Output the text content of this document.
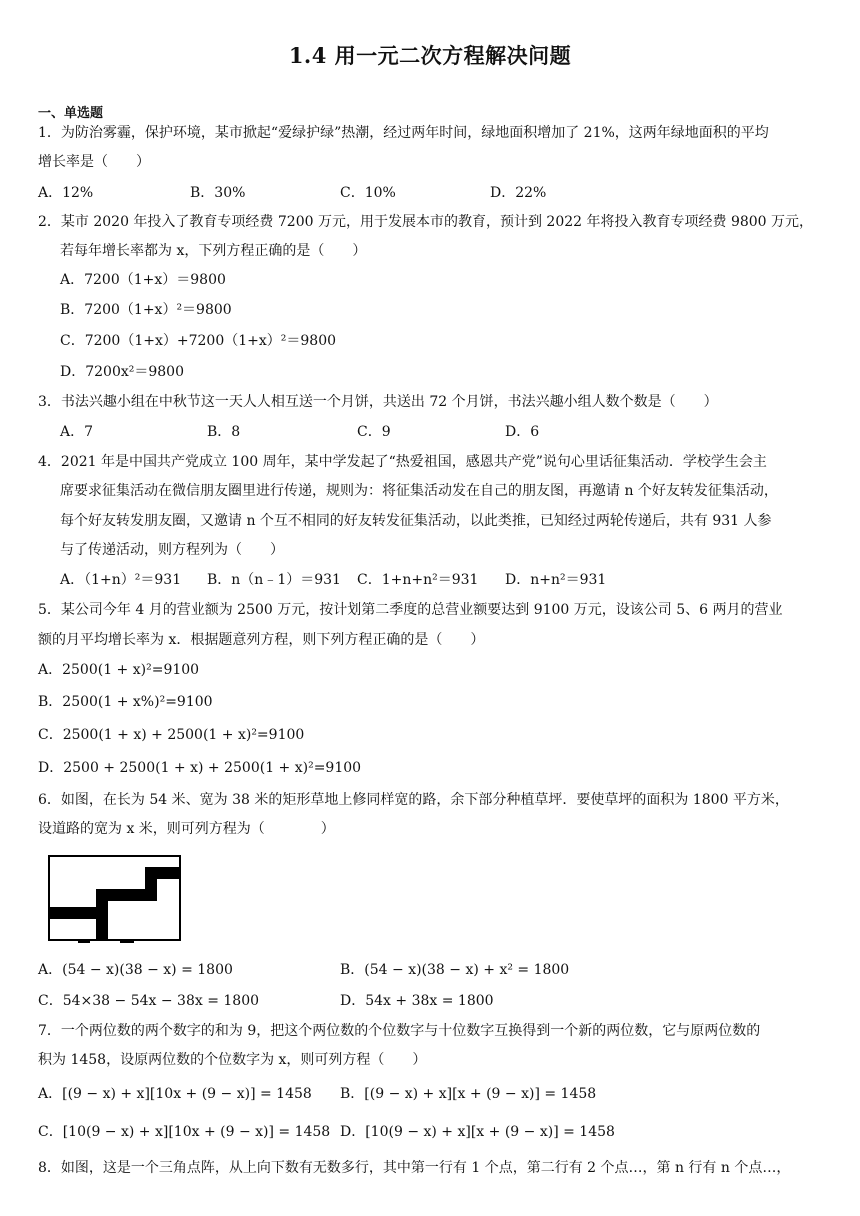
1.4 用一元二次方程解决问题
一、单选题
1．为防治雾霾，保护环境，某市掀起“爱绿护绿”热潮，经过两年时间，绿地面积增加了 21%，这两年绿地面积的平均
增长率是（　　）
A．12%	B．30%	C．10%	D．22%
2．某市 2020 年投入了教育专项经费 7200 万元，用于发展本市的教育，预计到 2022 年将投入教育专项经费 9800 万元，
若每年增长率都为 x，下列方程正确的是（　　）
A．7200（1+x）＝9800
B．7200（1+x）²＝9800
C．7200（1+x）+7200（1+x）²＝9800
D．7200x²＝9800
3．书法兴趣小组在中秋节这一天人人相互送一个月饼，共送出 72 个月饼，书法兴趣小组人数个数是（　　）
A．7	B．8	C．9	D．6
4．2021 年是中国共产党成立 100 周年，某中学发起了“热爱祖国，感恩共产党”说句心里话征集活动．学校学生会主
席要求征集活动在微信朋友圈里进行传递，规则为：将征集活动发在自己的朋友图，再邀请 n 个好友转发征集活动，
每个好友转发朋友圈，又邀请 n 个互不相同的好友转发征集活动，以此类推，已知经过两轮传递后，共有 931 人参
与了传递活动，则方程列为（　　）
A．（1+n）²＝931 B．n（n﹣1）＝931 C．1+n+n²＝931 D．n+n²＝931
5．某公司今年 4 月的营业额为 2500 万元，按计划第二季度的总营业额要达到 9100 万元，设该公司 5、6 两月的营业
额的月平均增长率为 x．根据题意列方程，则下列方程正确的是（　　）
A．2500(1 + x)²=9100
B．2500(1 + x%)²=9100
C．2500(1 + x) + 2500(1 + x)²=9100
D．2500 + 2500(1 + x) + 2500(1 + x)²=9100
6．如图，在长为 54 米、宽为 38 米的矩形草地上修同样宽的路，余下部分种植草坪．要使草坪的面积为 1800 平方米，
设道路的宽为 x 米，则可列方程为（　　　　）
A．(54 − x)(38 − x) = 1800	B．(54 − x)(38 − x) + x² = 1800
C．54×38 − 54x − 38x = 1800	D．54x + 38x = 1800
7．一个两位数的两个数字的和为 9，把这个两位数的个位数字与十位数字互换得到一个新的两位数，它与原两位数的
积为 1458，设原两位数的个位数字为 x，则可列方程（　　）
A．[(9 − x) + x][10x + (9 − x)] = 1458 B．[(9 − x) + x][x + (9 − x)] = 1458
C．[10(9 − x) + x][10x + (9 − x)] = 1458 D．[10(9 − x) + x][x + (9 − x)] = 1458
8．如图，这是一个三角点阵，从上向下数有无数多行，其中第一行有 1 个点，第二行有 2 个点…，第 n 行有 n 个点…，
